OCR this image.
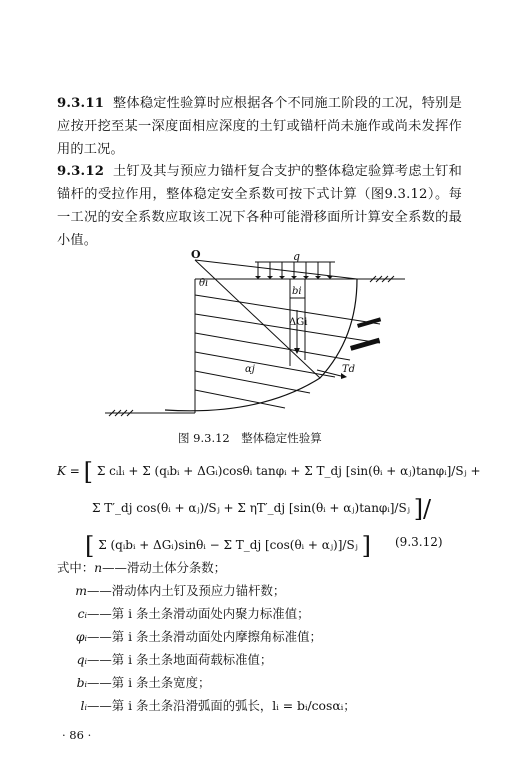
9.3.11 整体稳定性验算时应根据各个不同施工阶段的工况，特别是应按开挖至某一深度面相应深度的土钉或锚杆尚未施作或尚未发挥作用的工况。
9.3.12 土钉及其与预应力锚杆复合支护的整体稳定验算考虑土钉和锚杆的受拉作用，整体稳定安全系数可按下式计算（图9.3.12）。每一工况的安全系数应取该工况下各种可能滑移面所计算安全系数的最小值。
O	q
θi
bi
ΔGi
αj	Td
图 9.3.12　整体稳定性验算
K = [ Σ cᵢlᵢ + Σ (qᵢbᵢ + ΔGᵢ)cosθᵢ tanφᵢ + Σ T_dj [sin(θᵢ + αⱼ)tanφᵢ]/Sⱼ +
Σ T′_dj cos(θᵢ + αⱼ)/Sⱼ + Σ ηT′_dj [sin(θᵢ + αⱼ)tanφᵢ]/Sⱼ ]/
[ Σ (qᵢbᵢ + ΔGᵢ)sinθᵢ − Σ T_dj [cos(θᵢ + αⱼ)]/Sⱼ ] (9.3.12)
式中：n——滑动土体分条数；
m——滑动体内土钉及预应力锚杆数；
cᵢ——第 i 条土条滑动面处内聚力标准值；
φᵢ——第 i 条土条滑动面处内摩擦角标准值；
qᵢ——第 i 条土条地面荷载标准值；
bᵢ——第 i 条土条宽度；
lᵢ——第 i 条土条沿滑弧面的弧长，lᵢ = bᵢ/cosαᵢ；
· 86 ·
